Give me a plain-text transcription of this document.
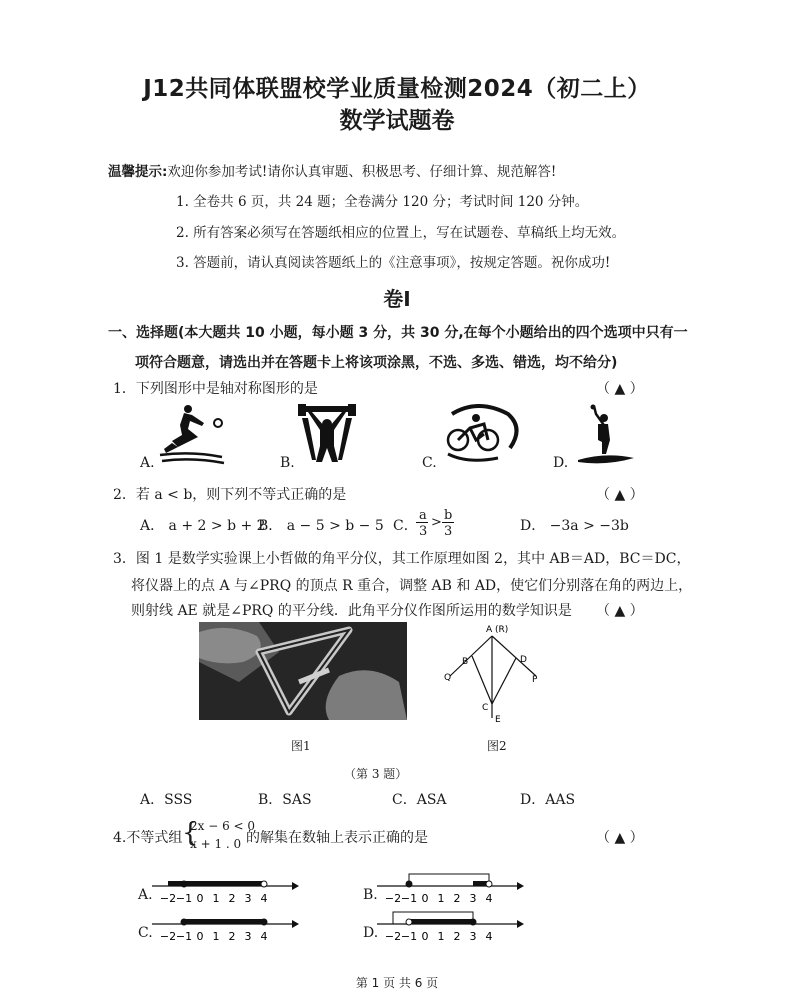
J12共同体联盟校学业质量检测2024（初二上）
数学试题卷
温馨提示:欢迎你参加考试!请你认真审题、积极思考、仔细计算、规范解答!
1. 全卷共 6 页，共 24 题；全卷满分 120 分；考试时间 120 分钟。
2. 所有答案必须写在答题纸相应的位置上，写在试题卷、草稿纸上均无效。
3. 答题前，请认真阅读答题纸上的《注意事项》，按规定答题。祝你成功!
卷Ⅰ
一、选择题(本大题共 10 小题，每小题 3 分，共 30 分,在每个小题给出的四个选项中只有一
项符合题意，请选出并在答题卡上将该项涂黑，不选、多选、错选，均不给分)
1．下列图形中是轴对称图形的是	（ ▲ ）
A.	B.	C.	D.
2．若 a < b，则下列不等式正确的是	（ ▲ ）
A． a + 2 > b + 2
B． a − 5 > b − 5 C．
a
3
> b
3	D． −3a > −3b
3．图 1 是数学实验课上小哲做的角平分仪，其工作原理如图 2，其中 AB＝AD，BC＝DC，
将仪器上的点 A 与∠PRQ 的顶点 R 重合，调整 AB 和 AD，使它们分别落在角的两边上，
则射线 AE 就是∠PRQ 的平分线．此角平分仪作图所运用的数学知识是 （ ▲ ）
A (R)
B
Q
D
P
C
E
图1	图2
（第 3 题）
A．SSS	B．SAS	C．ASA	D．AAS
4.不等式组 {
2x − 6 < 0
x + 1 . 0 的解集在数轴上表示正确的是	（ ▲ ）
A.	B.
C.	D.
−2 −1 0 1 2 3 4	−2 −1 0 1 2 3 4
−2 −1 0 1 2 3 4	−2 −1 0 1 2 3 4
第 1 页 共 6 页
